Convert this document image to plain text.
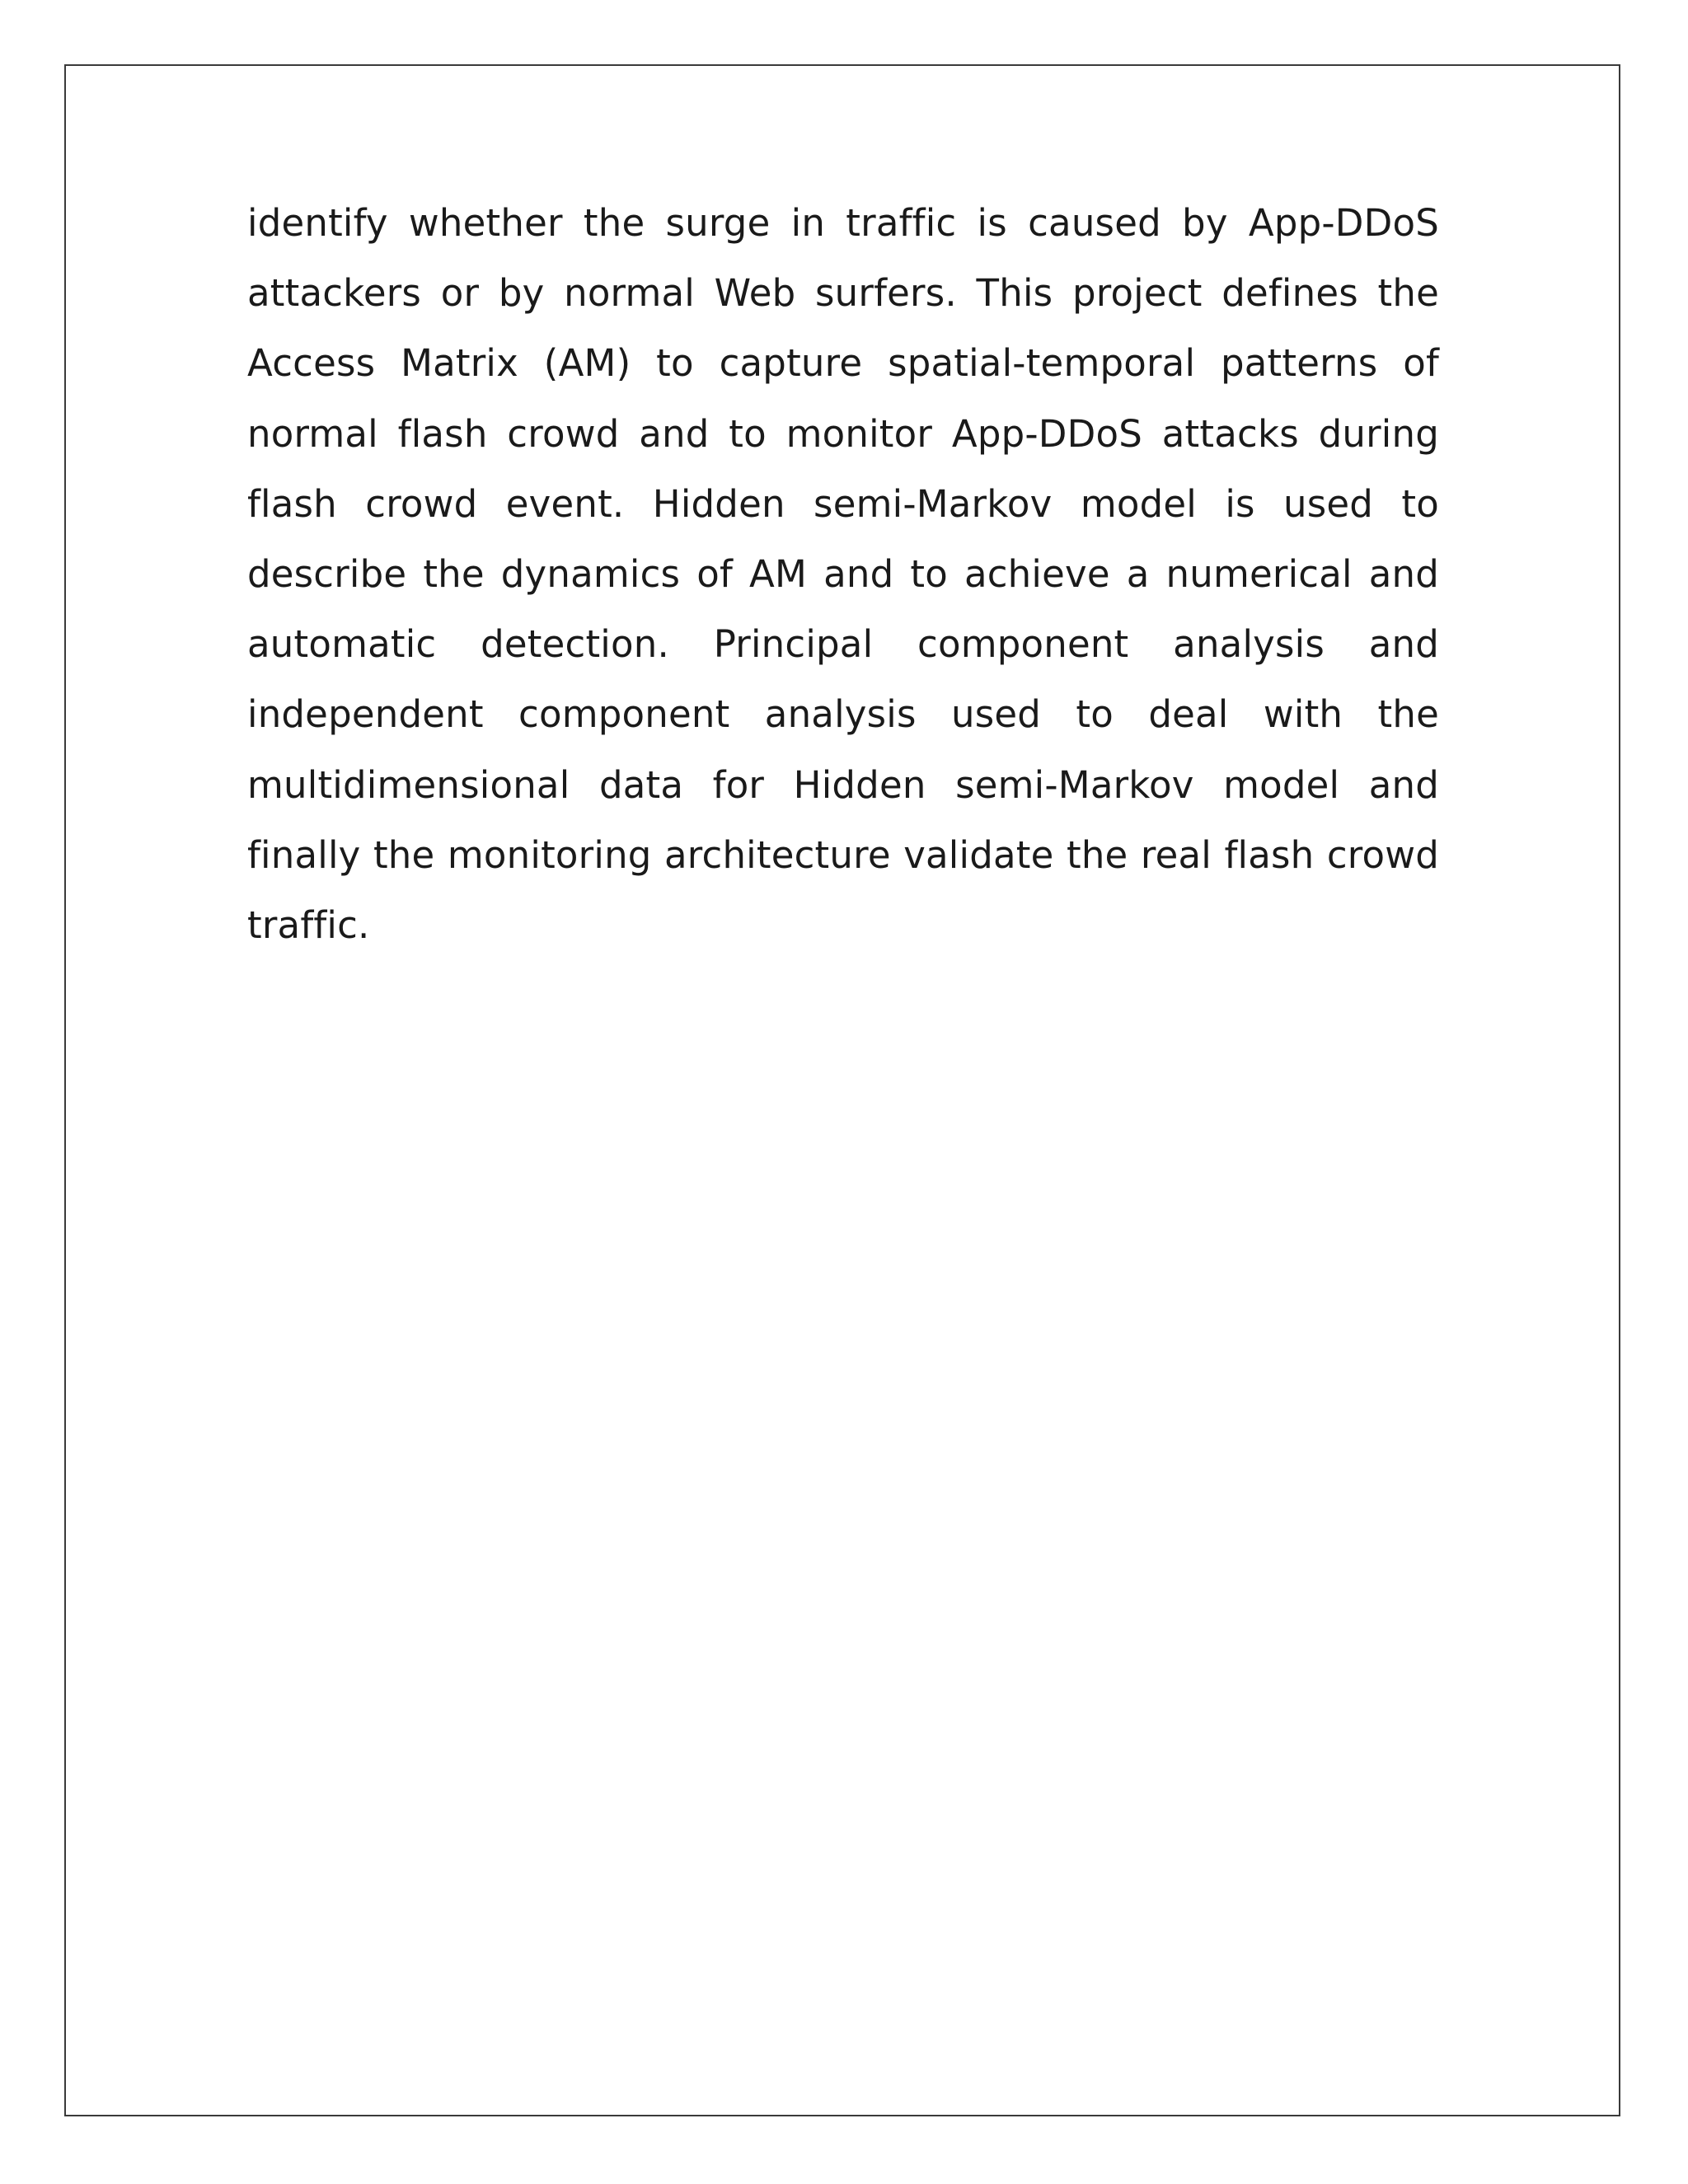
identify whether the surge in traffic is caused by App-DDoS attackers or by normal Web surfers. This project defines the Access Matrix (AM) to capture spatial-temporal patterns of normal flash crowd and to monitor App-DDoS attacks during flash crowd event. Hidden semi-Markov model is used to describe the dynamics of AM and to achieve a numerical and automatic detection. Principal component analysis and independent component analysis used to deal with the multidimensional data for Hidden semi-Markov model and finally the monitoring architecture validate the real flash crowd traffic.
